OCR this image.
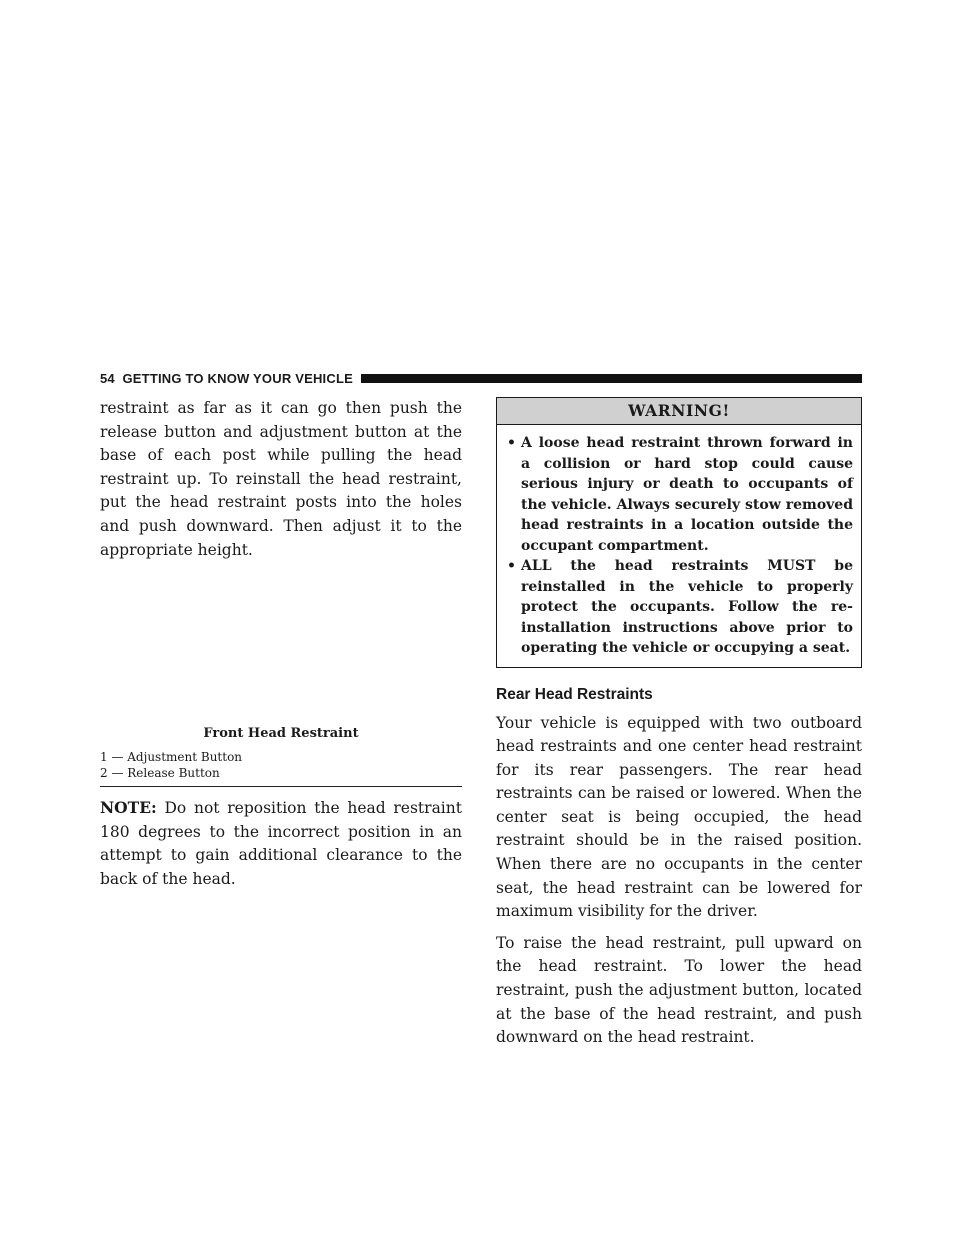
54 GETTING TO KNOW YOUR VEHICLE

restraint as far as it can go then push the release button and adjustment button at the base of each post while pulling the head restraint up. To reinstall the head restraint, put the head restraint posts into the holes and push downward. Then adjust it to the appropriate height.

Front Head Restraint
1 — Adjustment Button
2 — Release Button

NOTE: Do not reposition the head restraint 180 degrees to the incorrect position in an attempt to gain additional clearance to the back of the head.

WARNING!
• A loose head restraint thrown forward in a collision or hard stop could cause serious injury or death to occupants of the vehicle. Always securely stow removed head restraints in a location outside the occupant compartment.
• ALL the head restraints MUST be reinstalled in the vehicle to properly protect the occupants. Follow the re-installation instructions above prior to operating the vehicle or occupying a seat.
Rear Head Restraints

Your vehicle is equipped with two outboard head restraints and one center head restraint for its rear passengers. The rear head restraints can be raised or lowered. When the center seat is being occupied, the head restraint should be in the raised position. When there are no occupants in the center seat, the head restraint can be lowered for maximum visibility for the driver.

To raise the head restraint, pull upward on the head restraint. To lower the head restraint, push the adjustment button, located at the base of the head restraint, and push downward on the head restraint.
